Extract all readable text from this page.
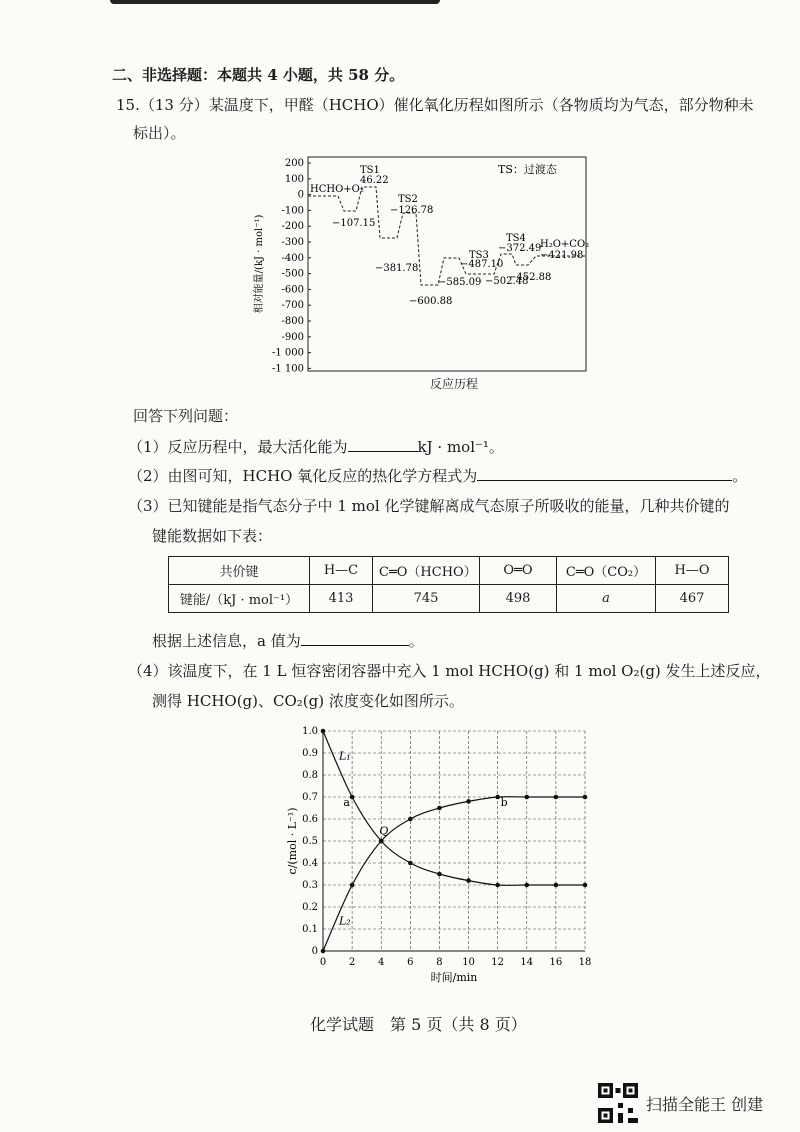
二、非选择题：本题共 4 小题，共 58 分。
15.（13 分）某温度下，甲醛（HCHO）催化氧化历程如图所示（各物质均为气态，部分物种未
标出）。
200
100
0
-100
-200
-300
-400
-500
-600
-700
-800
-900
-1 000
-1 100
相对能量/(kJ · mol⁻¹)
TS：过渡态
HCHO+O₂
TS1
46.22
−107.15
TS2
−126.78
−381.78
−600.88
−585.09
TS3
−487.10
−502.48
TS4
−372.49
−452.88
H₂O+CO₂
−421.98
反应历程
回答下列问题：
（1）反应历程中，最大活化能为	kJ · mol⁻¹。
（2）由图可知，HCHO 氧化反应的热化学方程式为	。
（3）已知键能是指气态分子中 1 mol 化学键解离成气态原子所吸收的能量，几种共价键的
键能数据如下表：
共价键	H—C	C═O（HCHO）	O═O	C═O（CO₂）	H—O
键能/（kJ · mol⁻¹）	413	745	498	a	467
根据上述信息，a 值为	。
（4）该温度下，在 1 L 恒容密闭容器中充入 1 mol HCHO(g) 和 1 mol O₂(g) 发生上述反应，
测得 HCHO(g)、CO₂(g) 浓度变化如图所示。
0 2 4 6 8 10 12 14 16 18
0
0.1
0.2
0.3
0.4
0.5
0.6
0.7
0.8
0.9
1.0
时间/min
c/(mol · L⁻¹)
L₁
L₂
a
Q
b
化学试题　第 5 页（共 8 页）
扫描全能王 创建
